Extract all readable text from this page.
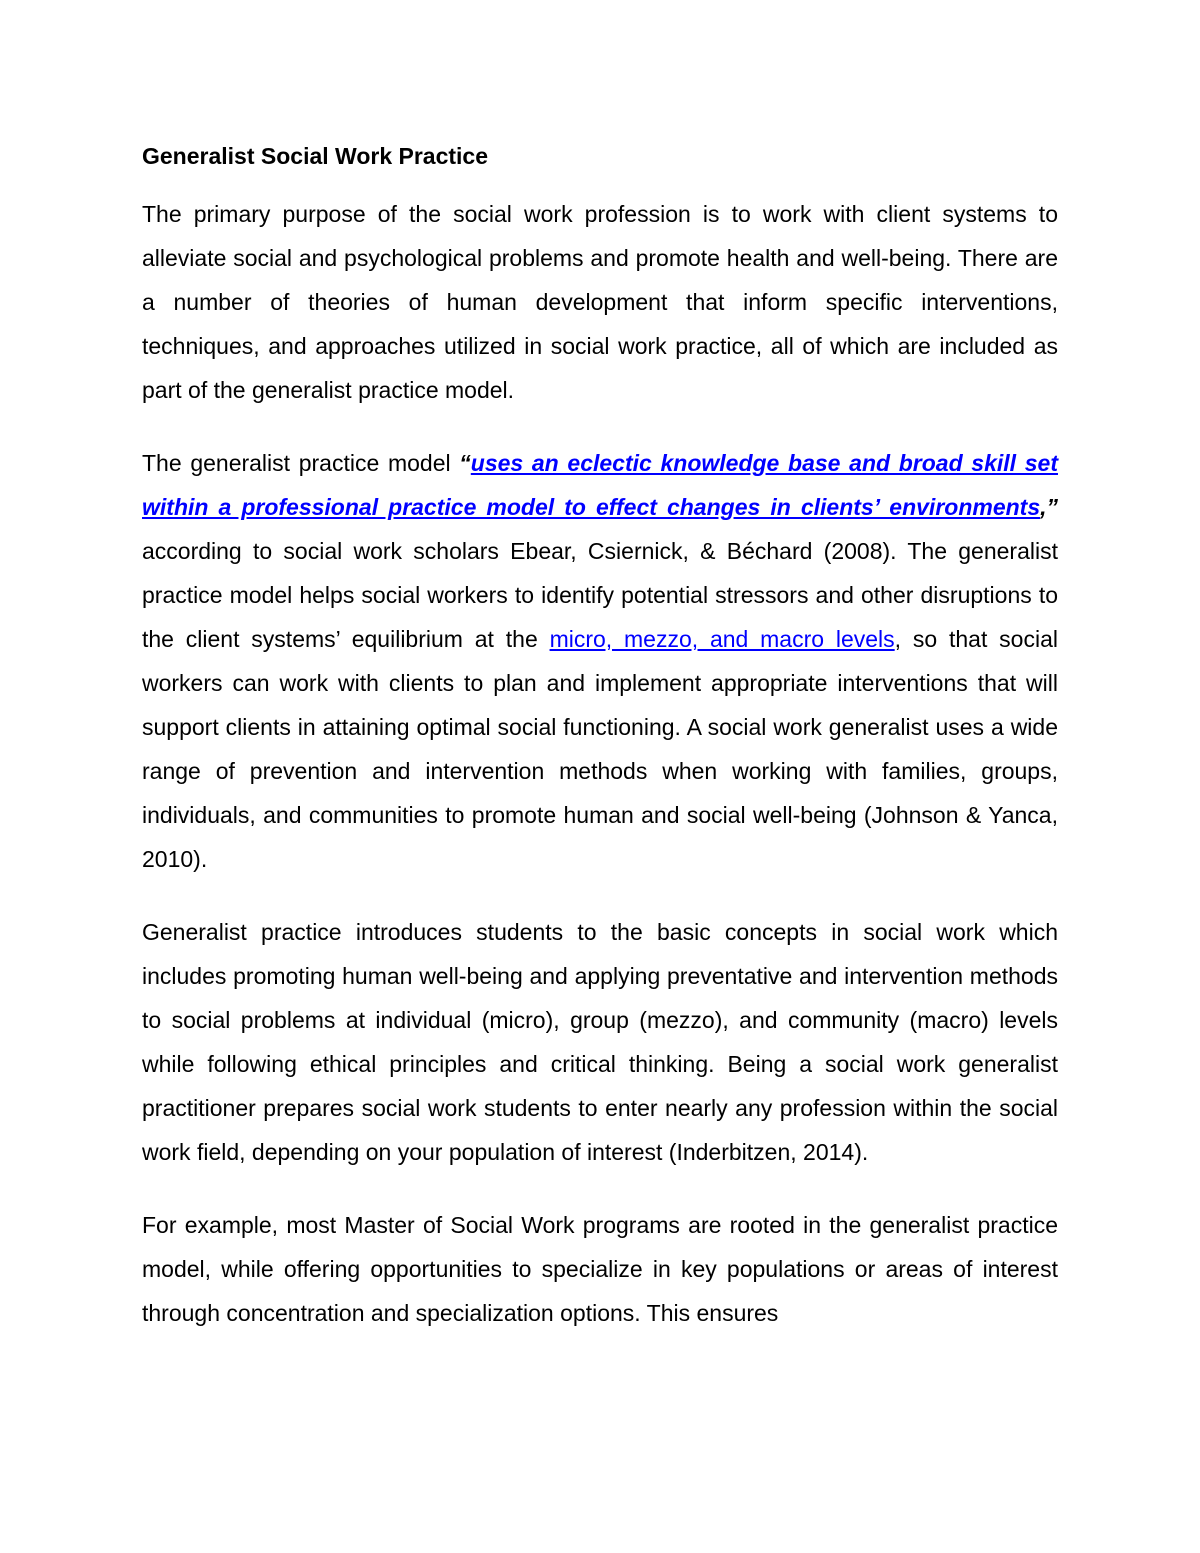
Generalist Social Work Practice

The primary purpose of the social work profession is to work with client systems to alleviate social and psychological problems and promote health and well-being. There are a number of theories of human development that inform specific interventions, techniques, and approaches utilized in social work practice, all of which are included as part of the generalist practice model.

The generalist practice model “uses an eclectic knowledge base and broad skill set within a professional practice model to effect changes in clients’ environments,” according to social work scholars Ebear, Csiernick, & Béchard (2008). The generalist practice model helps social workers to identify potential stressors and other disruptions to the client systems’ equilibrium at the micro, mezzo, and macro levels, so that social workers can work with clients to plan and implement appropriate interventions that will support clients in attaining optimal social functioning. A social work generalist uses a wide range of prevention and intervention methods when working with families, groups, individuals, and communities to promote human and social well-being (Johnson & Yanca, 2010).

Generalist practice introduces students to the basic concepts in social work which includes promoting human well-being and applying preventative and intervention methods to social problems at individual (micro), group (mezzo), and community (macro) levels while following ethical principles and critical thinking. Being a social work generalist practitioner prepares social work students to enter nearly any profession within the social work field, depending on your population of interest (Inderbitzen, 2014).

For example, most Master of Social Work programs are rooted in the generalist practice model, while offering opportunities to specialize in key populations or areas of interest through concentration and specialization options. This ensures
